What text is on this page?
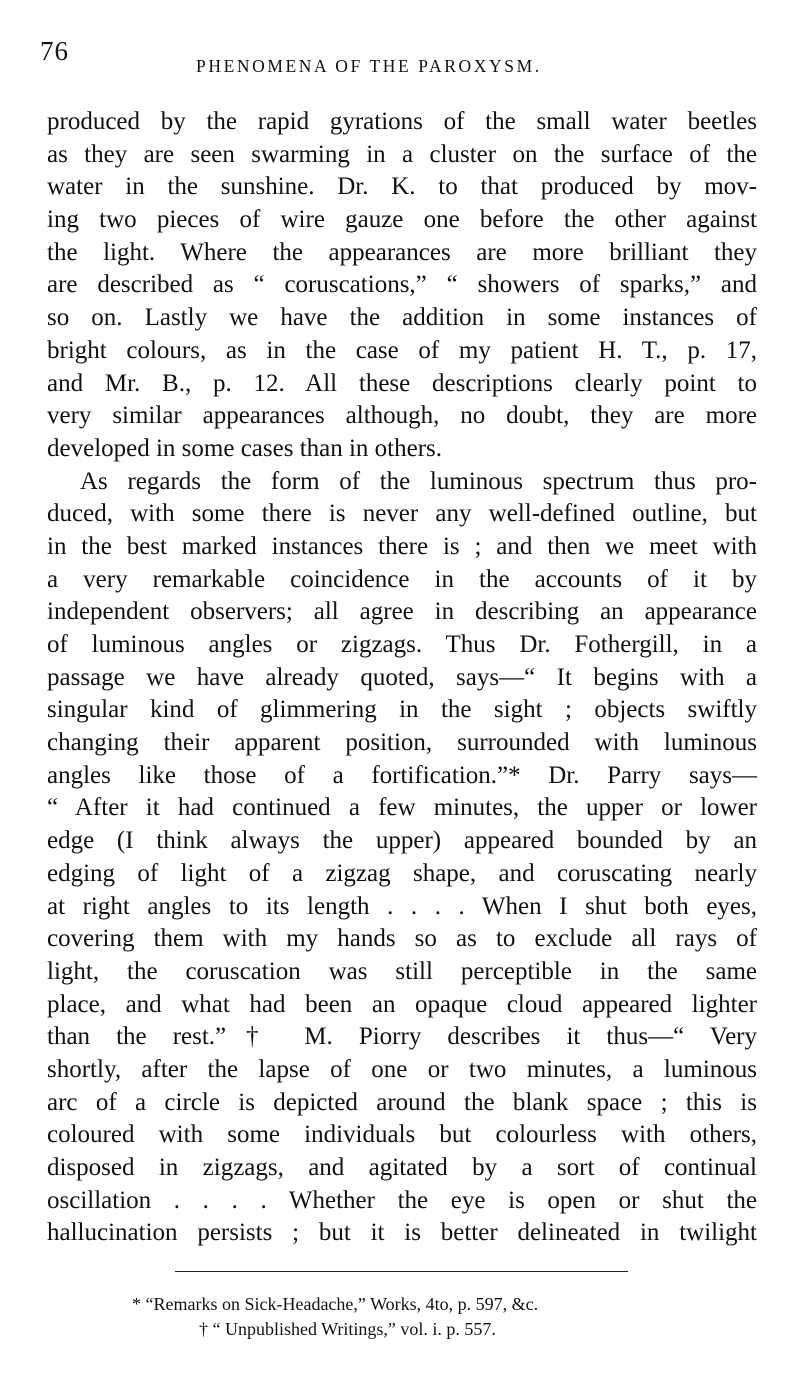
76	PHENOMENA OF THE PAROXYSM.
produced by the rapid gyrations of the small water beetles
as they are seen swarming in a cluster on the surface of the
water in the sunshine. Dr. K. to that produced by mov-
ing two pieces of wire gauze one before the other against
the light. Where the appearances are more brilliant they
are described as “ coruscations,” “ showers of sparks,” and
so on. Lastly we have the addition in some instances of
bright colours, as in the case of my patient H. T., p. 17,
and Mr. B., p. 12. All these descriptions clearly point to
very similar appearances although, no doubt, they are more
developed in some cases than in others.
As regards the form of the luminous spectrum thus pro-
duced, with some there is never any well-defined outline, but
in the best marked instances there is ; and then we meet with
a very remarkable coincidence in the accounts of it by
independent observers; all agree in describing an appearance
of luminous angles or zigzags. Thus Dr. Fothergill, in a
passage we have already quoted, says—“ It begins with a
singular kind of glimmering in the sight ; objects swiftly
changing their apparent position, surrounded with luminous
angles like those of a fortification.”* Dr. Parry says—
“ After it had continued a few minutes, the upper or lower
edge (I think always the upper) appeared bounded by an
edging of light of a zigzag shape, and coruscating nearly
at right angles to its length . . . . When I shut both eyes,
covering them with my hands so as to exclude all rays of
light, the coruscation was still perceptible in the same
place, and what had been an opaque cloud appeared lighter
than the rest.”† M. Piorry describes it thus—“ Very
shortly, after the lapse of one or two minutes, a luminous
arc of a circle is depicted around the blank space ; this is
coloured with some individuals but colourless with others,
disposed in zigzags, and agitated by a sort of continual
oscillation . . . . Whether the eye is open or shut the
hallucination persists ; but it is better delineated in twilight
* “Remarks on Sick-Headache,” Works, 4to, p. 597, &c.
† “ Unpublished Writings,” vol. i. p. 557.
